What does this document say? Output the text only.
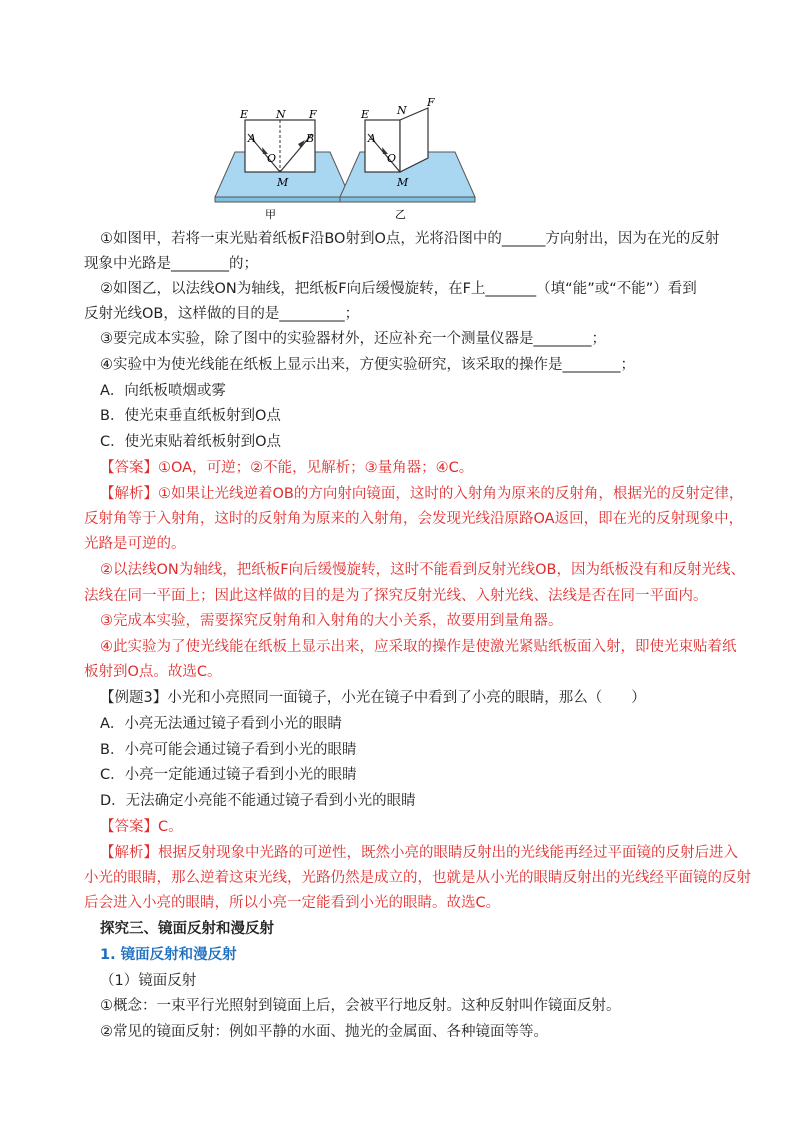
E	N F
A	B
O
M
甲
E	N
F
A
O
M
乙
①如图甲，若将一束光贴着纸板F沿BO射到O点，光将沿图中的______方向射出，因为在光的反射
现象中光路是________的；
②如图乙，以法线ON为轴线，把纸板F向后缓慢旋转，在F上_______（填“能”或“不能”）看到
反射光线OB，这样做的目的是_________；
③要完成本实验，除了图中的实验器材外，还应补充一个测量仪器是________；
④实验中为使光线能在纸板上显示出来，方便实验研究，该采取的操作是________；
A．向纸板喷烟或雾
B．使光束垂直纸板射到O点
C．使光束贴着纸板射到O点
【答案】①OA，可逆；②不能，见解析；③量角器；④C。
【解析】①如果让光线逆着OB的方向射向镜面，这时的入射角为原来的反射角，根据光的反射定律，
反射角等于入射角，这时的反射角为原来的入射角，会发现光线沿原路OA返回，即在光的反射现象中，
光路是可逆的。
②以法线ON为轴线，把纸板F向后缓慢旋转，这时不能看到反射光线OB，因为纸板没有和反射光线、
法线在同一平面上；因此这样做的目的是为了探究反射光线、入射光线、法线是否在同一平面内。
③完成本实验，需要探究反射角和入射角的大小关系，故要用到量角器。
④此实验为了使光线能在纸板上显示出来，应采取的操作是使激光紧贴纸板面入射，即使光束贴着纸
板射到O点。故选C。
【例题3】小光和小亮照同一面镜子，小光在镜子中看到了小亮的眼睛，那么（　　）
A．小亮无法通过镜子看到小光的眼睛
B．小亮可能会通过镜子看到小光的眼睛
C．小亮一定能通过镜子看到小光的眼睛
D．无法确定小亮能不能通过镜子看到小光的眼睛
【答案】C。
【解析】根据反射现象中光路的可逆性，既然小亮的眼睛反射出的光线能再经过平面镜的反射后进入
小光的眼睛，那么逆着这束光线，光路仍然是成立的，也就是从小光的眼睛反射出的光线经平面镜的反射
后会进入小亮的眼睛，所以小亮一定能看到小光的眼睛。故选C。
探究三、镜面反射和漫反射
1. 镜面反射和漫反射
（1）镜面反射
①概念：一束平行光照射到镜面上后，会被平行地反射。这种反射叫作镜面反射。
②常见的镜面反射：例如平静的水面、抛光的金属面、各种镜面等等。
